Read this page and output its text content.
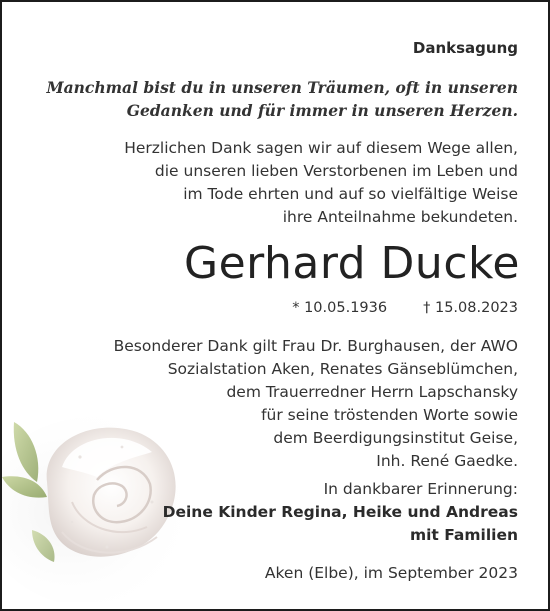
Danksagung
Manchmal bist du in unseren Träumen, oft in unseren
Gedanken und für immer in unseren Herzen.
Herzlichen Dank sagen wir auf diesem Wege allen,
die unseren lieben Verstorbenen im Leben und
im Tode ehrten und auf so vielfältige Weise
ihre Anteilnahme bekundeten.
Gerhard Ducke
* 10.05.1936 † 15.08.2023
Besonderer Dank gilt Frau Dr. Burghausen, der AWO
Sozialstation Aken, Renates Gänseblümchen,
dem Trauerredner Herrn Lapschansky
für seine tröstenden Worte sowie
dem Beerdigungsinstitut Geise,
Inh. René Gaedke.
In dankbarer Erinnerung:
Deine Kinder Regina, Heike und Andreas
mit Familien
Aken (Elbe), im September 2023
